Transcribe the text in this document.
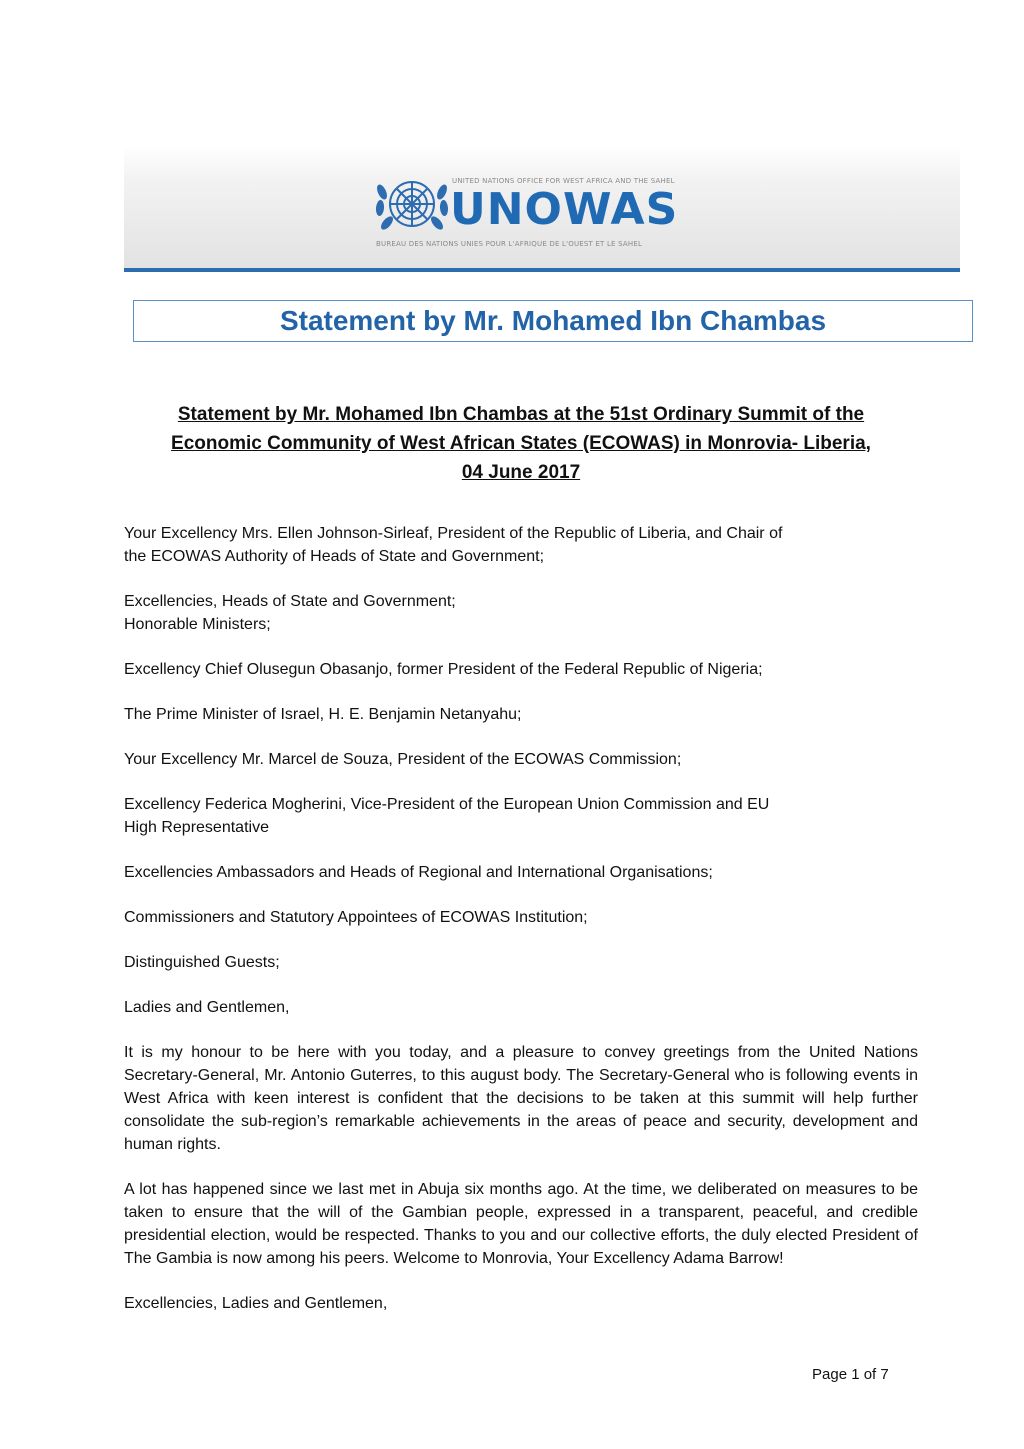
UNITED NATIONS OFFICE FOR WEST AFRICA AND THE SAHEL
UNOWAS
BUREAU DES NATIONS UNIES POUR L'AFRIQUE DE L'OUEST ET LE SAHEL
Statement by Mr. Mohamed Ibn Chambas
Statement by Mr. Mohamed Ibn Chambas at the 51st Ordinary Summit of the
Economic Community of West African States (ECOWAS) in Monrovia- Liberia,
04 June 2017

Your Excellency Mrs. Ellen Johnson-Sirleaf, President of the Republic of Liberia, and Chair of
the ECOWAS Authority of Heads of State and Government;

Excellencies, Heads of State and Government;
Honorable Ministers;

Excellency Chief Olusegun Obasanjo, former President of the Federal Republic of Nigeria;

The Prime Minister of Israel, H. E. Benjamin Netanyahu;

Your Excellency Mr. Marcel de Souza, President of the ECOWAS Commission;

Excellency Federica Mogherini, Vice-President of the European Union Commission and EU
High Representative

Excellencies Ambassadors and Heads of Regional and International Organisations;

Commissioners and Statutory Appointees of ECOWAS Institution;

Distinguished Guests;

Ladies and Gentlemen,

It is my honour to be here with you today, and a pleasure to convey greetings from the United Nations Secretary-General, Mr. Antonio Guterres, to this august body. The Secretary-General who is following events in West Africa with keen interest is confident that the decisions to be taken at this summit will help further consolidate the sub-region’s remarkable achievements in the areas of peace and security, development and human rights.

A lot has happened since we last met in Abuja six months ago. At the time, we deliberated on measures to be taken to ensure that the will of the Gambian people, expressed in a transparent, peaceful, and credible presidential election, would be respected. Thanks to you and our collective efforts, the duly elected President of The Gambia is now among his peers. Welcome to Monrovia, Your Excellency Adama Barrow!

Excellencies, Ladies and Gentlemen,

Page 1 of 7
